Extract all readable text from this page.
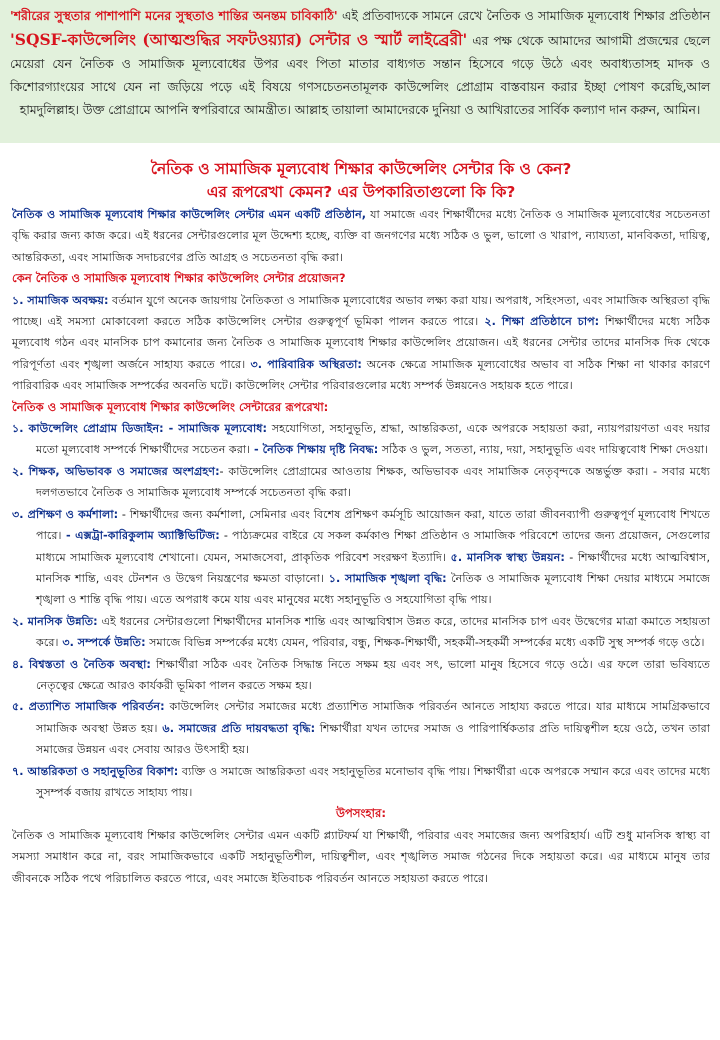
'শরীরের সুস্থতার পাশাপাশি মনের সুস্থতাও শান্তির অনন্তম চাবিকাঠি' এই প্রতিবাদ্যকে সামনে রেখে নৈতিক ও সামাজিক মূল্যবোধ শিক্ষার প্রতিষ্ঠান 'SQSF-কাউন্সেলিং (আত্মশুদ্ধির সফটওয়্যার) সেন্টার ও স্মার্ট লাইব্রেরী' এর পক্ষ থেকে আমাদের আগামী প্রজন্মের ছেলে মেয়েরা যেন নৈতিক ও সামাজিক মূল্যবোধের উপর এবং পিতা মাতার বাধ্যগত সন্তান হিসেবে গড়ে উঠে এবং অবাধ্যতাসহ মাদক ও কিশোরগ্যাংয়ের সাথে যেন না জড়িয়ে পড়ে এই বিষয়ে গণসচেতনতামূলক কাউন্সেলিং প্রোগ্রাম বাস্তবায়ন করার ইচ্ছা পোষণ করেছি,আল হামদুলিল্লাহ। উক্ত প্রোগ্রামে আপনি স্বপরিবারে আমন্ত্রীত। আল্লাহ তায়ালা আমাদেরকে দুনিয়া ও আখিরাতের সার্বিক কল্যাণ দান করুন, আমিন।

নৈতিক ও সামাজিক মূল্যবোধ শিক্ষার কাউন্সেলিং সেন্টার কি ও কেন?
এর রূপরেখা কেমন? এর উপকারিতাগুলো কি কি?

নৈতিক ও সামাজিক মূল্যবোধ শিক্ষার কাউন্সেলিং সেন্টার এমন একটি প্রতিষ্ঠান, যা সমাজে এবং শিক্ষার্থীদের মধ্যে নৈতিক ও সামাজিক মূল্যবোধের সচেতনতা বৃদ্ধি করার জন্য কাজ করে। এই ধরনের সেন্টারগুলোর মূল উদ্দেশ্য হচ্ছে, ব্যক্তি বা জনগণের মধ্যে সঠিক ও ভুল, ভালো ও খারাপ, ন্যায্যতা, মানবিকতা, দায়িত্ব, আন্তরিকতা, এবং সামাজিক সদাচরণের প্রতি আগ্রহ ও সচেতনতা বৃদ্ধি করা।

কেন নৈতিক ও সামাজিক মূল্যবোধ শিক্ষার কাউন্সেলিং সেন্টার প্রয়োজন?

১. সামাজিক অবক্ষয়: বর্তমান যুগে অনেক জায়গায় নৈতিকতা ও সামাজিক মূল্যবোধের অভাব লক্ষ্য করা যায়। অপরাধ, সহিংসতা, এবং সামাজিক অস্থিরতা বৃদ্ধি পাচ্ছে। এই সমস্যা মোকাবেলা করতে সঠিক কাউন্সেলিং সেন্টার গুরুত্বপূর্ণ ভূমিকা পালন করতে পারে। ২. শিক্ষা প্রতিষ্ঠানে চাপ: শিক্ষার্থীদের মধ্যে সঠিক মূল্যবোধ গঠন এবং মানসিক চাপ কমানোর জন্য নৈতিক ও সামাজিক মূল্যবোধ শিক্ষার কাউন্সেলিং প্রয়োজন। এই ধরনের সেন্টার তাদের মানসিক দিক থেকে পরিপূর্ণতা এবং শৃঙ্খলা অর্জনে সাহায্য করতে পারে। ৩. পারিবারিক অস্থিরতা: অনেক ক্ষেত্রে সামাজিক মূল্যবোধের অভাব বা সঠিক শিক্ষা না থাকার কারণে পারিবারিক এবং সামাজিক সম্পর্কের অবনতি ঘটে। কাউন্সেলিং সেন্টার পরিবারগুলোর মধ্যে সম্পর্ক উন্নয়নেও সহায়ক হতে পারে।

নৈতিক ও সামাজিক মূল্যবোধ শিক্ষার কাউন্সেলিং সেন্টারের রূপরেখা:

১. কাউন্সেলিং প্রোগ্রাম ডিজাইন: - সামাজিক মূল্যবোধ: সহযোগিতা, সহানুভূতি, শ্রদ্ধা, আন্তরিকতা, একে অপরকে সহায়তা করা, ন্যায়পরায়ণতা এবং দয়ার মতো মূল্যবোধ সম্পর্কে শিক্ষার্থীদের সচেতন করা। - নৈতিক শিক্ষায় দৃষ্টি নিবদ্ধ: সঠিক ও ভুল, সততা, ন্যায়, দয়া, সহানুভূতি এবং দায়িত্ববোধ শিক্ষা দেওয়া।

২. শিক্ষক, অভিভাবক ও সমাজের অংশগ্রহণ:- কাউন্সেলিং প্রোগ্রামের আওতায় শিক্ষক, অভিভাবক এবং সামাজিক নেতৃবৃন্দকে অন্তর্ভুক্ত করা। - সবার মধ্যে দলগতভাবে নৈতিক ও সামাজিক মূল্যবোধ সম্পর্কে সচেতনতা বৃদ্ধি করা।

৩. প্রশিক্ষণ ও কর্মশালা: - শিক্ষার্থীদের জন্য কর্মশালা, সেমিনার এবং বিশেষ প্রশিক্ষণ কর্মসূচি আয়োজন করা, যাতে তারা জীবনব্যাপী গুরুত্বপূর্ণ মূল্যবোধ শিখতে পারে। - এক্সট্রা-কারিকুলাম অ্যাক্টিভিটিজ: - পাঠ্যক্রমের বাইরে যে সকল কর্মকাণ্ড শিক্ষা প্রতিষ্ঠান ও সামাজিক পরিবেশে তাদের জন্য প্রয়োজন, সেগুলোর মাধ্যমে সামাজিক মূল্যবোধ শেখানো। যেমন, সমাজসেবা, প্রাকৃতিক পরিবেশ সংরক্ষণ ইত্যাদি। ৫. মানসিক স্বাস্থ্য উন্নয়ন: - শিক্ষার্থীদের মধ্যে আত্মবিশ্বাস, মানসিক শান্তি, এবং টেনশন ও উদ্বেগ নিয়ন্ত্রণের ক্ষমতা বাড়ানো। ১. সামাজিক শৃঙ্খলা বৃদ্ধি: নৈতিক ও সামাজিক মূল্যবোধ শিক্ষা দেয়ার মাধ্যমে সমাজে শৃঙ্খলা ও শান্তি বৃদ্ধি পায়। এতে অপরাধ কমে যায় এবং মানুষের মধ্যে সহানুভূতি ও সহযোগিতা বৃদ্ধি পায়।

২. মানসিক উন্নতি: এই ধরনের সেন্টারগুলো শিক্ষার্থীদের মানসিক শান্তি এবং আত্মবিশ্বাস উন্নত করে, তাদের মানসিক চাপ এবং উদ্বেগের মাত্রা কমাতে সহায়তা করে। ৩. সম্পর্কে উন্নতি: সমাজে বিভিন্ন সম্পর্কের মধ্যে যেমন, পরিবার, বন্ধু, শিক্ষক-শিক্ষার্থী, সহকর্মী-সহকর্মী সম্পর্কের মধ্যে একটি সুস্থ সম্পর্ক গড়ে ওঠে।

৪. বিশ্বস্ততা ও নৈতিক অবস্থা: শিক্ষার্থীরা সঠিক এবং নৈতিক সিদ্ধান্ত নিতে সক্ষম হয় এবং সৎ, ভালো মানুষ হিসেবে গড়ে ওঠে। এর ফলে তারা ভবিষ্যতে নেতৃত্বের ক্ষেত্রে আরও কার্যকরী ভূমিকা পালন করতে সক্ষম হয়।

৫. প্রত্যাশিত সামাজিক পরিবর্তন: কাউন্সেলিং সেন্টার সমাজের মধ্যে প্রত্যাশিত সামাজিক পরিবর্তন আনতে সাহায্য করতে পারে। যার মাধ্যমে সামগ্রিকভাবে সামাজিক অবস্থা উন্নত হয়। ৬. সমাজের প্রতি দায়বদ্ধতা বৃদ্ধি: শিক্ষার্থীরা যখন তাদের সমাজ ও পারিপার্শ্বিকতার প্রতি দায়িত্বশীল হয়ে ওঠে, তখন তারা সমাজের উন্নয়ন এবং সেবায় আরও উৎসাহী হয়।

৭. আন্তরিকতা ও সহানুভূতির বিকাশ: ব্যক্তি ও সমাজে আন্তরিকতা এবং সহানুভূতির মনোভাব বৃদ্ধি পায়। শিক্ষার্থীরা একে অপরকে সম্মান করে এবং তাদের মধ্যে সুসম্পর্ক বজায় রাখতে সাহায্য পায়।

উপসংহার:

নৈতিক ও সামাজিক মূল্যবোধ শিক্ষার কাউন্সেলিং সেন্টার এমন একটি প্ল্যাটফর্ম যা শিক্ষার্থী, পরিবার এবং সমাজের জন্য অপরিহার্য। এটি শুধু মানসিক স্বাস্থ্য বা সমস্যা সমাধান করে না, বরং সামাজিকভাবে একটি সহানুভূতিশীল, দায়িত্বশীল, এবং শৃঙ্খলিত সমাজ গঠনের দিকে সহায়তা করে। এর মাধ্যমে মানুষ তার জীবনকে সঠিক পথে পরিচালিত করতে পারে, এবং সমাজে ইতিবাচক পরিবর্তন আনতে সহায়তা করতে পারে।
